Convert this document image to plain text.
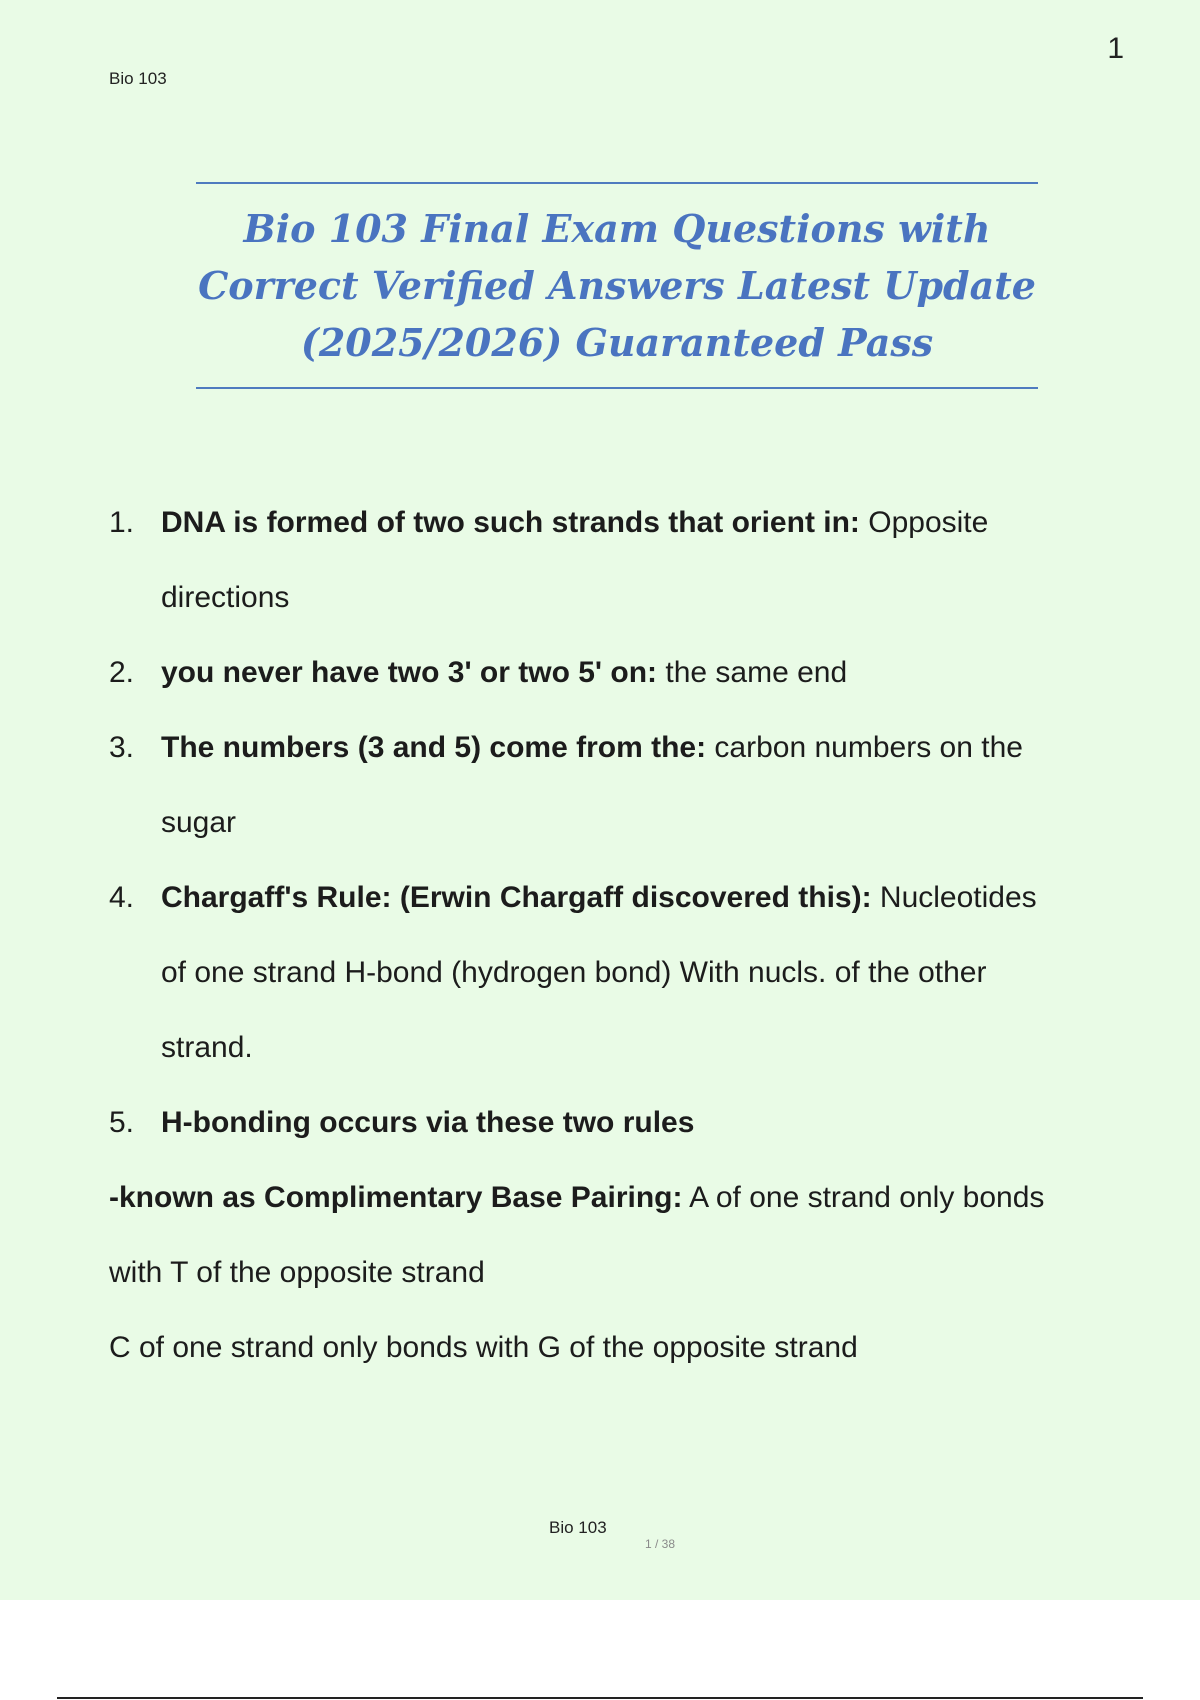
Bio 103
1
Bio 103 Final Exam Questions with
Correct Verified Answers Latest Update
(2025/2026) Guaranteed Pass
1. DNA is formed of two such strands that orient in: Opposite
directions
2. you never have two 3' or two 5' on: the same end
3. The numbers (3 and 5) come from the: carbon numbers on the
sugar
4. Chargaff's Rule: (Erwin Chargaff discovered this): Nucleotides
of one strand H-bond (hydrogen bond) With nucls. of the other
strand.
5. H-bonding occurs via these two rules
-known as Complimentary Base Pairing: A of one strand only bonds
with T of the opposite strand
C of one strand only bonds with G of the opposite strand
Bio 103
1 / 38
